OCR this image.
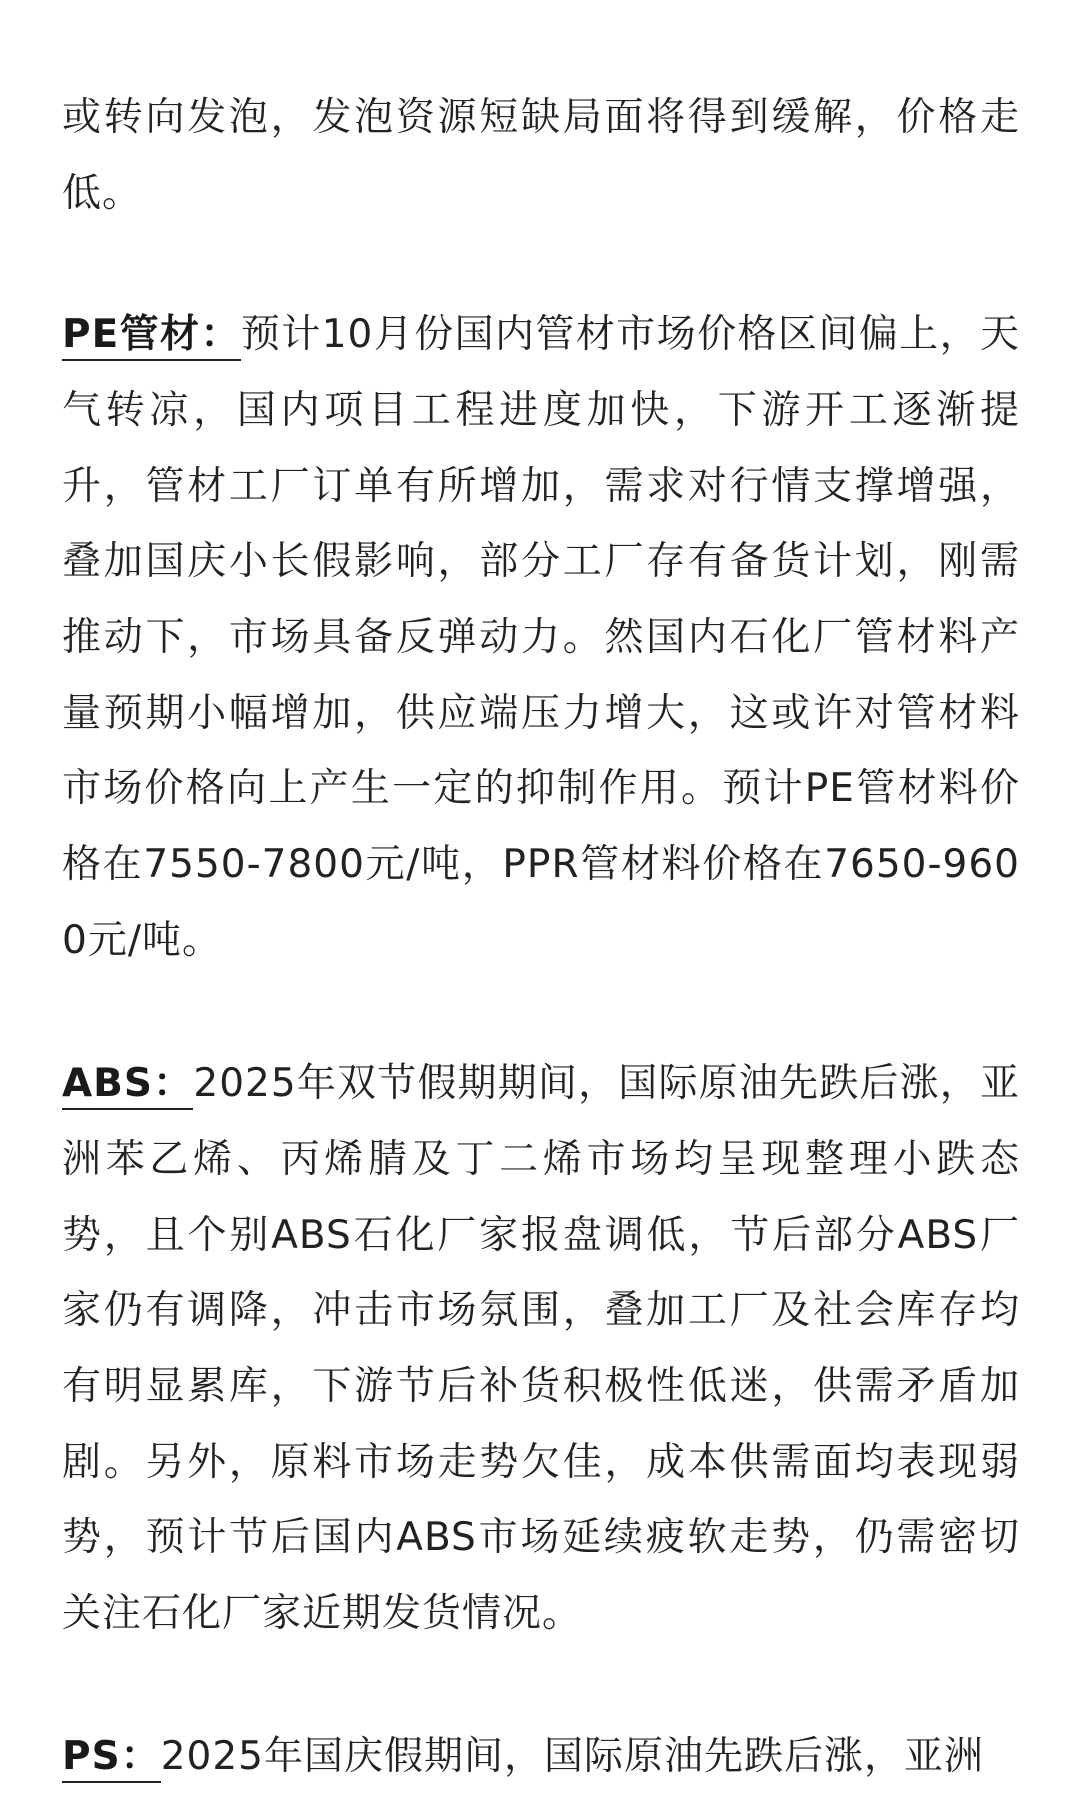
或转向发泡，发泡资源短缺局面将得到缓解，价格走低。

PE管材：预计10月份国内管材市场价格区间偏上，天气转凉，国内项目工程进度加快，下游开工逐渐提升，管材工厂订单有所增加，需求对行情支撑增强，叠加国庆小长假影响，部分工厂存有备货计划，刚需推动下，市场具备反弹动力。然国内石化厂管材料产量预期小幅增加，供应端压力增大，这或许对管材料市场价格向上产生一定的抑制作用。预计PE管材料价格在7550-7800元/吨，PPR管材料价格在7650-9600元/吨。

ABS：2025年双节假期期间，国际原油先跌后涨，亚洲苯乙烯、丙烯腈及丁二烯市场均呈现整理小跌态势，且个别ABS石化厂家报盘调低，节后部分ABS厂家仍有调降，冲击市场氛围，叠加工厂及社会库存均有明显累库，下游节后补货积极性低迷，供需矛盾加剧。另外，原料市场走势欠佳，成本供需面均表现弱势，预计节后国内ABS市场延续疲软走势，仍需密切关注石化厂家近期发货情况。

PS：2025年国庆假期间，国际原油先跌后涨，亚洲
